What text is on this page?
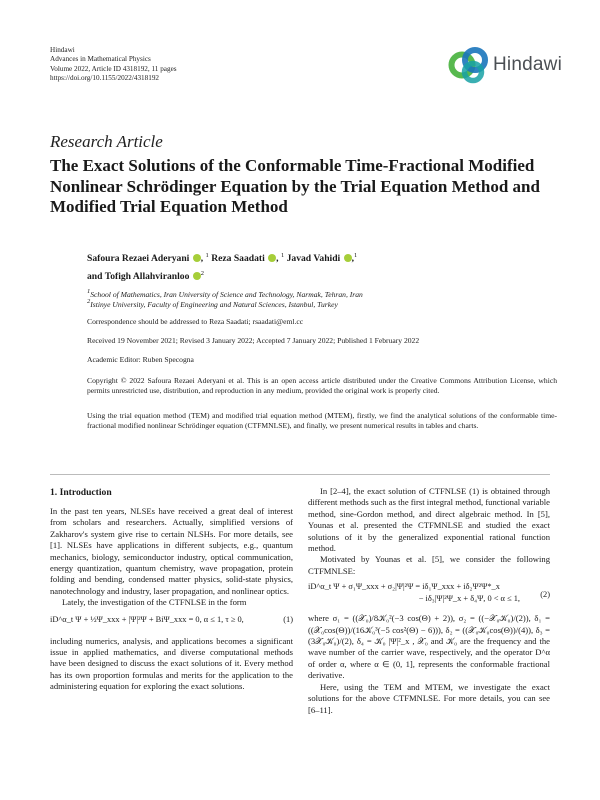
Hindawi
Advances in Mathematical Physics
Volume 2022, Article ID 4318192, 11 pages
https://doi.org/10.1155/2022/4318192
Hindawi
Research Article
The Exact Solutions of the Conformable Time-Fractional Modified Nonlinear Schrödinger Equation by the Trial Equation Method and Modified Trial Equation Method
Safoura Rezaei Aderyani , $^1$ Reza Saadati , $^1$ Javad Vahidi ,$^1$
and Tofigh Allahviranloo $^2$
$^1$School of Mathematics, Iran University of Science and Technology, Narmak, Tehran, Iran
$^2$Istinye University, Faculty of Engineering and Natural Sciences, Istanbul, Turkey
Correspondence should be addressed to Reza Saadati; rsaadati@eml.cc
Received 19 November 2021; Revised 3 January 2022; Accepted 7 January 2022; Published 1 February 2022
Academic Editor: Ruben Specogna
Copyright © 2022 Safoura Rezaei Aderyani et al. This is an open access article distributed under the Creative Commons Attribution License, which permits unrestricted use, distribution, and reproduction in any medium, provided the original work is properly cited.
Using the trial equation method (TEM) and modified trial equation method (MTEM), firstly, we find the analytical solutions of the conformable time-fractional modified nonlinear Schrödinger equation (CTFMNLSE), and finally, we present numerical results in tables and charts.
1. Introduction

In the past ten years, NLSEs have received a great deal of interest from scholars and researchers. Actually, simplified versions of Zakharov's system give rise to certain NLSHs. For more details, see [1]. NLSEs have applications in different subjects, e.g., quantum mechanics, biology, semiconductor industry, optical communication, energy quantization, quantum chemistry, wave propagation, protein folding and bending, condensed matter physics, solid-state physics, nanotechnology and industry, laser propagation, and nonlinear optics.

Lately, the investigation of the CTFNLSE in the form

iD^α_t Ψ + ½Ψ_xxx + |Ψ|²Ψ + BiΨ_xxx = 0, α ≤ 1, τ ≥ 0,	(1)

including numerics, analysis, and applications becomes a significant issue in applied mathematics, and diverse computational methods have been designed to discuss the exact solutions of it. Every method has its own proportion formulas and merits for the application to the administering equation for exploring the exact solutions.

In [2–4], the exact solution of CTFNLSE (1) is obtained through different methods such as the first integral method, functional variable method, sine-Gordon method, and direct algebraic method. In [5], Younas et al. presented the CTFMNLSE and studied the exact solutions of it by the generalized exponential rational function method.

Motivated by Younas et al. [5], we consider the following CTFMNLSE:

iD^α_t Ψ + σ₁Ψ_xxx + σ₂|Ψ|²Ψ = iδ₁Ψ_xxx + iδ₂Ψ²Ψ*_x
− iδ₃|Ψ|²Ψ_x + δ₄Ψ, 0 < α ≤ 1,	(2)

where σ₁ = ((𝒳₀)/8𝒦₀²(−3 cos(Θ) + 2)), σ₂ = ((−𝒳₀𝒦₀)/(2)), δ₁ = ((𝒳₀cos(Θ))/(16𝒦₀³(−5 cos²(Θ) − 6))), δ₂ = ((𝒳₀𝒦₀cos(Θ))/(4)), δ₃ = (3𝒳₀𝒦₀)/(2), δ₄ = 𝒦₀ |Ψ|²_x , 𝒳₀ and 𝒦₀ are the frequency and the wave number of the carrier wave, respectively, and the operator D^α of order α, where α ∈ (0, 1], represents the conformable fractional derivative.

Here, using the TEM and MTEM, we investigate the exact solutions for the above CTFMNLSE. For more details, you can see [6–11].
